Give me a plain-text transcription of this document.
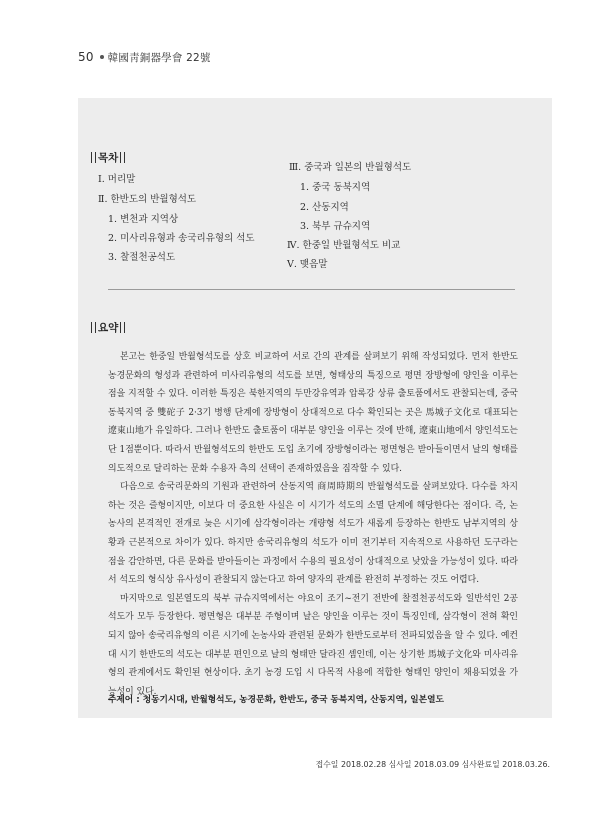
50 韓國靑銅器學會 22號
목차
Ⅰ. 머리말
Ⅱ. 한반도의 반월형석도
1. 변천과 지역상
2. 미사리유형과 송국리유형의 석도
3. 찰절천공석도
Ⅲ. 중국과 일본의 반월형석도
1. 중국 동북지역
2. 산동지역
3. 북부 규슈지역
Ⅳ. 한중일 반월형석도 비교
Ⅴ. 맺음말
요약

본고는 한중일 반월형석도를 상호 비교하여 서로 간의 관계를 살펴보기 위해 작성되었다. 먼저 한반도 농경문화의 형성과 관련하여 미사리유형의 석도를 보면, 형태상의 특징으로 평면 장방형에 양인을 이루는 점을 지적할 수 있다. 이러한 특징은 북한지역의 두만강유역과 압록강 상류 출토품에서도 관찰되는데, 중국 동북지역 중 雙砣子 2·3기 병행 단계에 장방형이 상대적으로 다수 확인되는 곳은 馬城子文化로 대표되는 遼東山地가 유일하다. 그러나 한반도 출토품이 대부분 양인을 이루는 것에 반해, 遼東山地에서 양인석도는 단 1점뿐이다. 따라서 반월형석도의 한반도 도입 초기에 장방형이라는 평면형은 받아들이면서 날의 형태를 의도적으로 달리하는 문화 수용자 측의 선택이 존재하였음을 짐작할 수 있다.

다음으로 송국리문화의 기원과 관련하여 산동지역 商周時期의 반월형석도를 살펴보았다. 다수를 차지하는 것은 즐형이지만, 이보다 더 중요한 사실은 이 시기가 석도의 소멸 단계에 해당한다는 점이다. 즉, 논농사의 본격적인 전개로 늦은 시기에 삼각형이라는 개량형 석도가 새롭게 등장하는 한반도 남부지역의 상황과 근본적으로 차이가 있다. 하지만 송국리유형의 석도가 이미 전기부터 지속적으로 사용하던 도구라는 점을 감안하면, 다른 문화를 받아들이는 과정에서 수용의 필요성이 상대적으로 낮았을 가능성이 있다. 따라서 석도의 형식상 유사성이 관찰되지 않는다고 하여 양자의 관계를 완전히 부정하는 것도 어렵다.

마지막으로 일본열도의 북부 규슈지역에서는 야요이 조기~전기 전반에 찰절천공석도와 일반석인 2공석도가 모두 등장한다. 평면형은 대부분 주형이며 날은 양인을 이루는 것이 특징인데, 삼각형이 전혀 확인되지 않아 송국리유형의 이른 시기에 논농사와 관련된 문화가 한반도로부터 전파되었음을 알 수 있다. 예컨대 시기 한반도의 석도는 대부분 편인으로 날의 형태만 달라진 셈인데, 이는 상기한 馬城子文化와 미사리유형의 관계에서도 확인된 현상이다. 초기 농경 도입 시 다목적 사용에 적합한 형태인 양인이 채용되었을 가능성이 있다.

주제어 : 청동기시대, 반월형석도, 농경문화, 한반도, 중국 동북지역, 산동지역, 일본열도
접수일 2018.02.28 심사일 2018.03.09 심사완료일 2018.03.26.
